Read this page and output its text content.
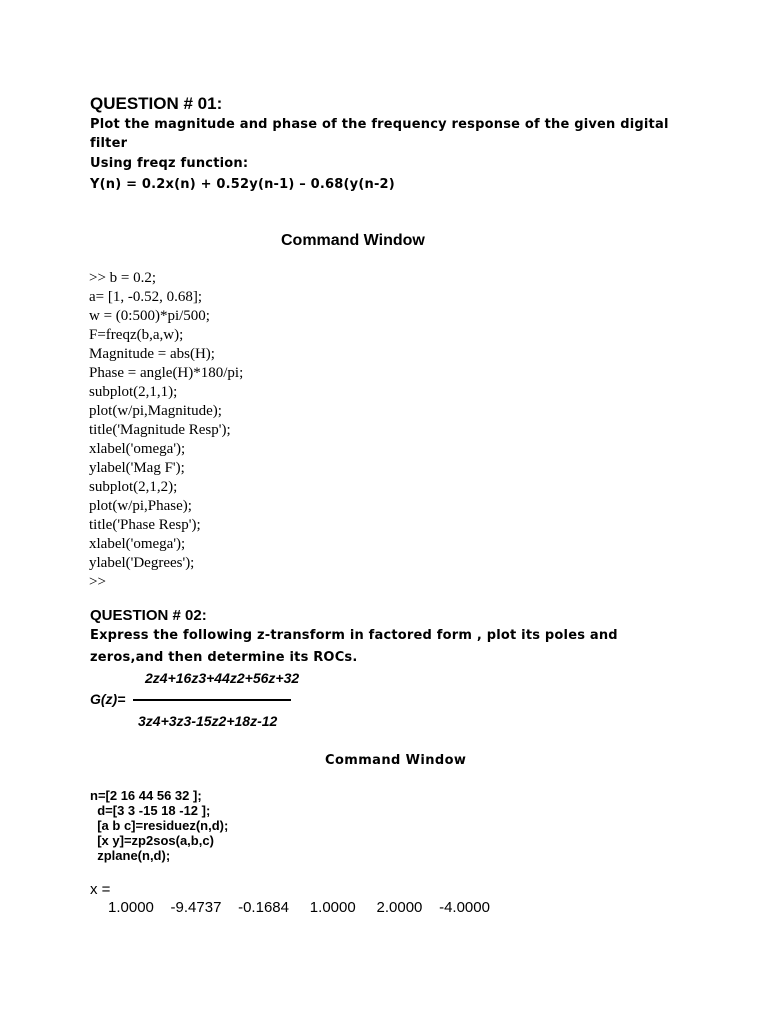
QUESTION # 01:
Plot the magnitude and phase of the frequency response of the given digital
filter
Using freqz function:
Y(n) = 0.2x(n) + 0.52y(n-1) – 0.68(y(n-2)
Command Window
>> b = 0.2;
a= [1, -0.52, 0.68];
w = (0:500)*pi/500;
F=freqz(b,a,w);
Magnitude = abs(H);
Phase = angle(H)*180/pi;
subplot(2,1,1);
plot(w/pi,Magnitude);
title('Magnitude Resp');
xlabel('omega');
ylabel('Mag F');
subplot(2,1,2);
plot(w/pi,Phase);
title('Phase Resp');
xlabel('omega');
ylabel('Degrees');
>>
QUESTION # 02:
Express the following z-transform in factored form , plot its poles and
zeros,and then determine its ROCs.
2z4+16z3+44z2+56z+32
G(z)=
3z4+3z3-15z2+18z-12
Command Window
n=[2 16 44 56 32 ];
d=[3 3 -15 18 -12 ];
[a b c]=residuez(n,d);
[x y]=zp2sos(a,b,c)
zplane(n,d);
x =
1.0000    -9.4737    -0.1684     1.0000     2.0000    -4.0000
